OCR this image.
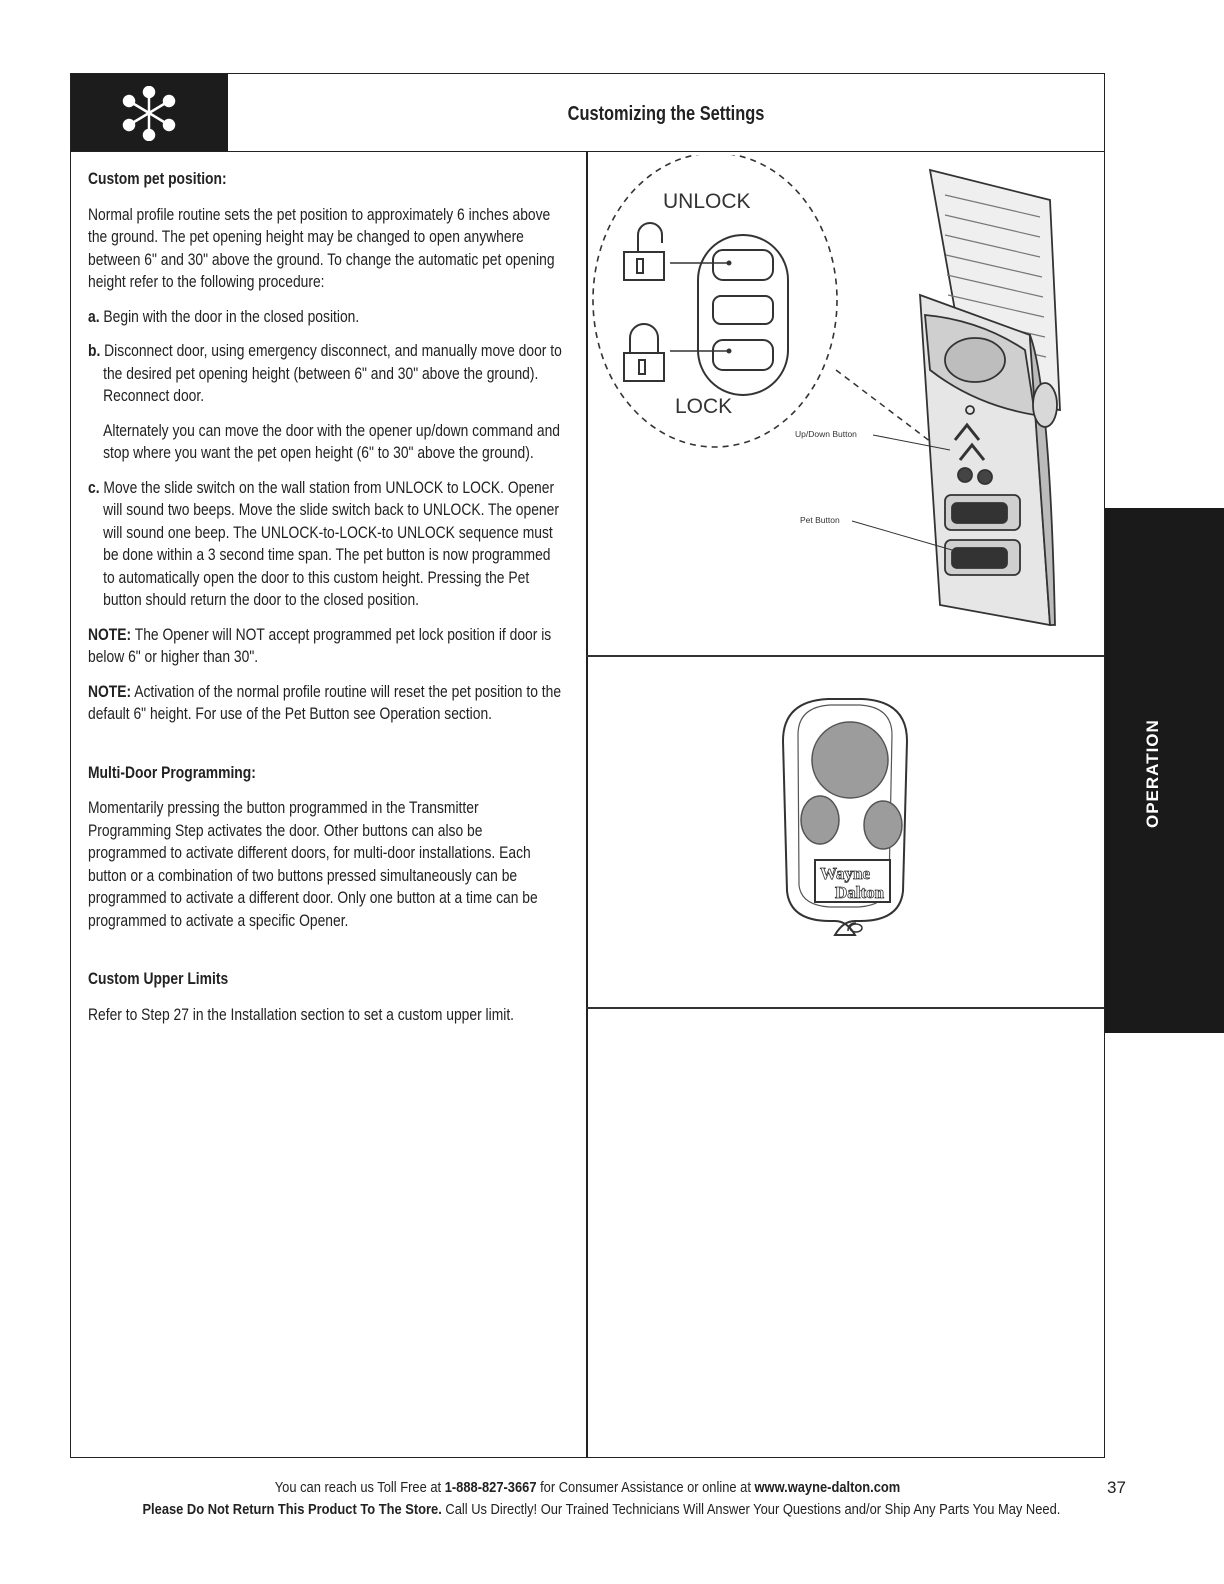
Customizing the Settings

Custom pet position:

Normal profile routine sets the pet position to approximately 6 inches above the ground. The pet opening height may be changed to open anywhere between 6" and 30" above the ground. To change the automatic pet opening height refer to the following procedure:

a. Begin with the door in the closed position.

b. Disconnect door, using emergency disconnect, and manually move door to the desired pet opening height (between 6" and 30" above the ground). Reconnect door.

Alternately you can move the door with the opener up/down command and stop where you want the pet open height (6" to 30" above the ground).

c. Move the slide switch on the wall station from UNLOCK to LOCK. Opener will sound two beeps. Move the slide switch back to UNLOCK. The opener will sound one beep. The UNLOCK-to-LOCK-to UNLOCK sequence must be done within a 3 second time span. The pet button is now programmed to automatically open the door to this custom height. Pressing the Pet button should return the door to the closed position.

NOTE: The Opener will NOT accept programmed pet lock position if door is below 6" or higher than 30".

NOTE: Activation of the normal profile routine will reset the pet position to the default 6" height. For use of the Pet Button see Operation section.

Multi-Door Programming:

Momentarily pressing the button programmed in the Transmitter Programming Step activates the door. Other buttons can also be programmed to activate different doors, for multi-door installations. Each button or a combination of two buttons pressed simultaneously can be programmed to activate a different door. Only one button at a time can be programmed to activate a specific Opener.

Custom Upper Limits

Refer to Step 27 in the Installation section to set a custom upper limit.

UNLOCK
LOCK
Up/Down Button
Pet Button
Wayne
Dalton
OPERATION
You can reach us Toll Free at 1-888-827-3667 for Consumer Assistance or online at www.wayne-dalton.com
Please Do Not Return This Product To The Store. Call Us Directly! Our Trained Technicians Will Answer Your Questions and/or Ship Any Parts You May Need.
37
